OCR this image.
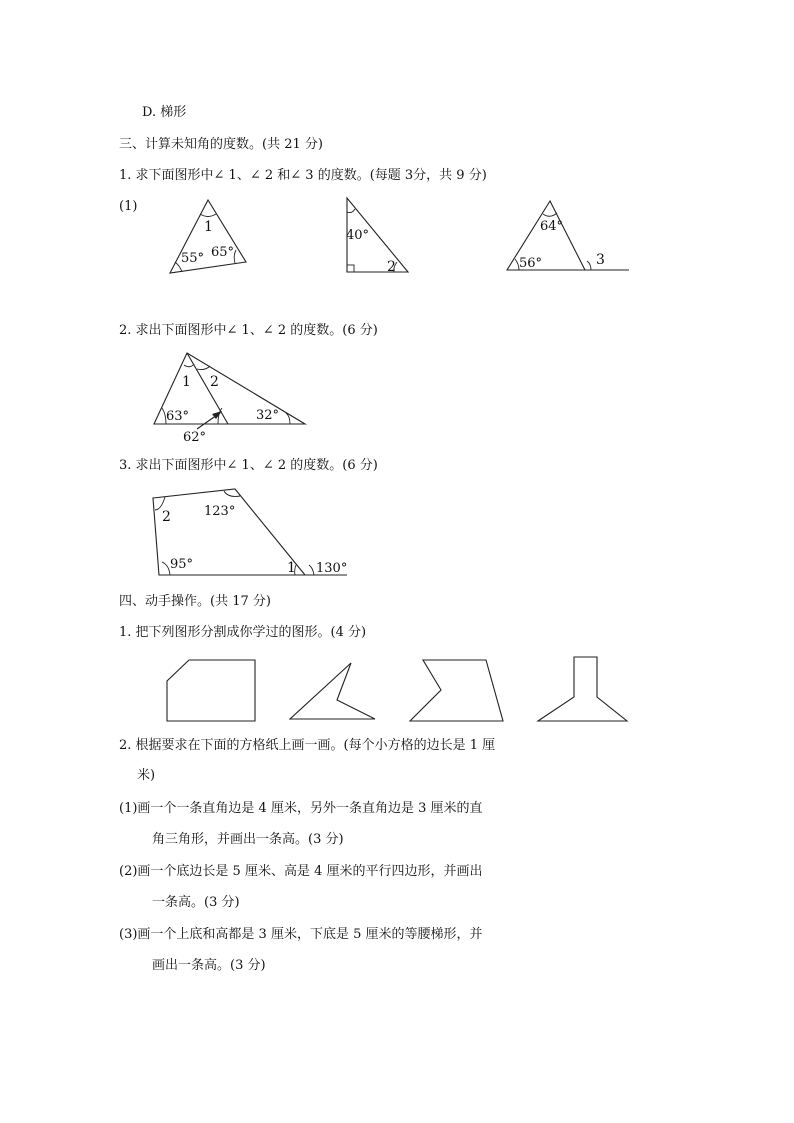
D. 梯形
三、计算未知角的度数。(共 21 分)
1. 求下面图形中∠ 1、∠ 2 和∠ 3 的度数。(每题 3分，共 9 分)
(1)
1
55° 65°
40°
2
64°
56°	3
2. 求出下面图形中∠ 1、∠ 2 的度数。(6 分)
1 2
63°	32°
62°
3. 求出下面图形中∠ 1、∠ 2 的度数。(6 分)
2	123°
95°	1 130°
四、动手操作。(共 17 分)
1. 把下列图形分割成你学过的图形。(4 分)
2. 根据要求在下面的方格纸上画一画。(每个小方格的边长是 1 厘
米)
(1)画一个一条直角边是 4 厘米，另外一条直角边是 3 厘米的直
角三角形，并画出一条高。(3 分)
(2)画一个底边长是 5 厘米、高是 4 厘米的平行四边形，并画出
一条高。(3 分)
(3)画一个上底和高都是 3 厘米，下底是 5 厘米的等腰梯形，并
画出一条高。(3 分)
